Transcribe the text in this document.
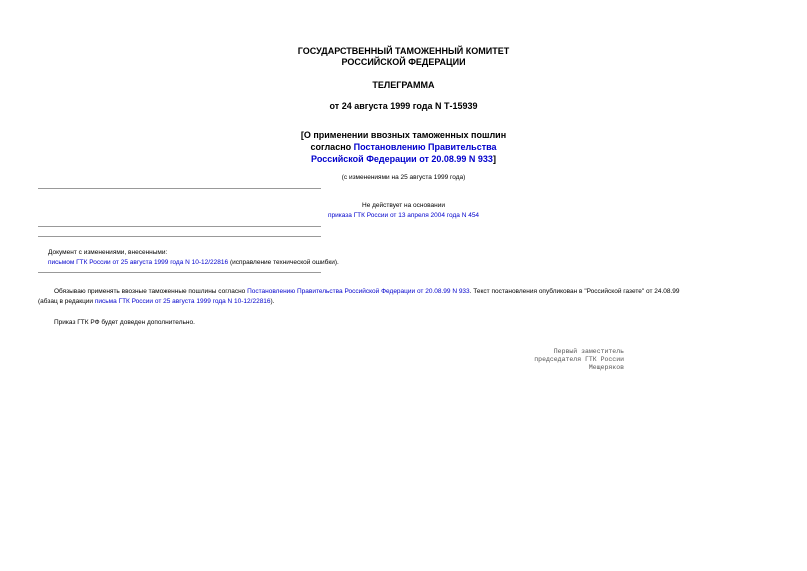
ГОСУДАРСТВЕННЫЙ ТАМОЖЕННЫЙ КОМИТЕТ
РОССИЙСКОЙ ФЕДЕРАЦИИ
ТЕЛЕГРАММА
от 24 августа 1999 года N Т-15939
[О применении ввозных таможенных пошлин
согласно Постановлению Правительства
Российской Федерации от 20.08.99 N 933]
(с изменениями на 25 августа 1999 года)
Не действует на основании
приказа ГТК России от 13 апреля 2004 года N 454
Документ с изменениями, внесенными:
письмом ГТК России от 25 августа 1999 года N 10-12/22816 (исправление технической ошибки).
Обязываю применять ввозные таможенные пошлины согласно Постановлению Правительства Российской Федерации от 20.08.99 N 933. Текст постановления опубликован в "Российской газете" от 24.08.99
(абзац в редакции письма ГТК России от 25 августа 1999 года N 10-12/22816).
Приказ ГТК РФ будет доведен дополнительно.
Первый заместитель
председателя ГТК России
Мещеряков
